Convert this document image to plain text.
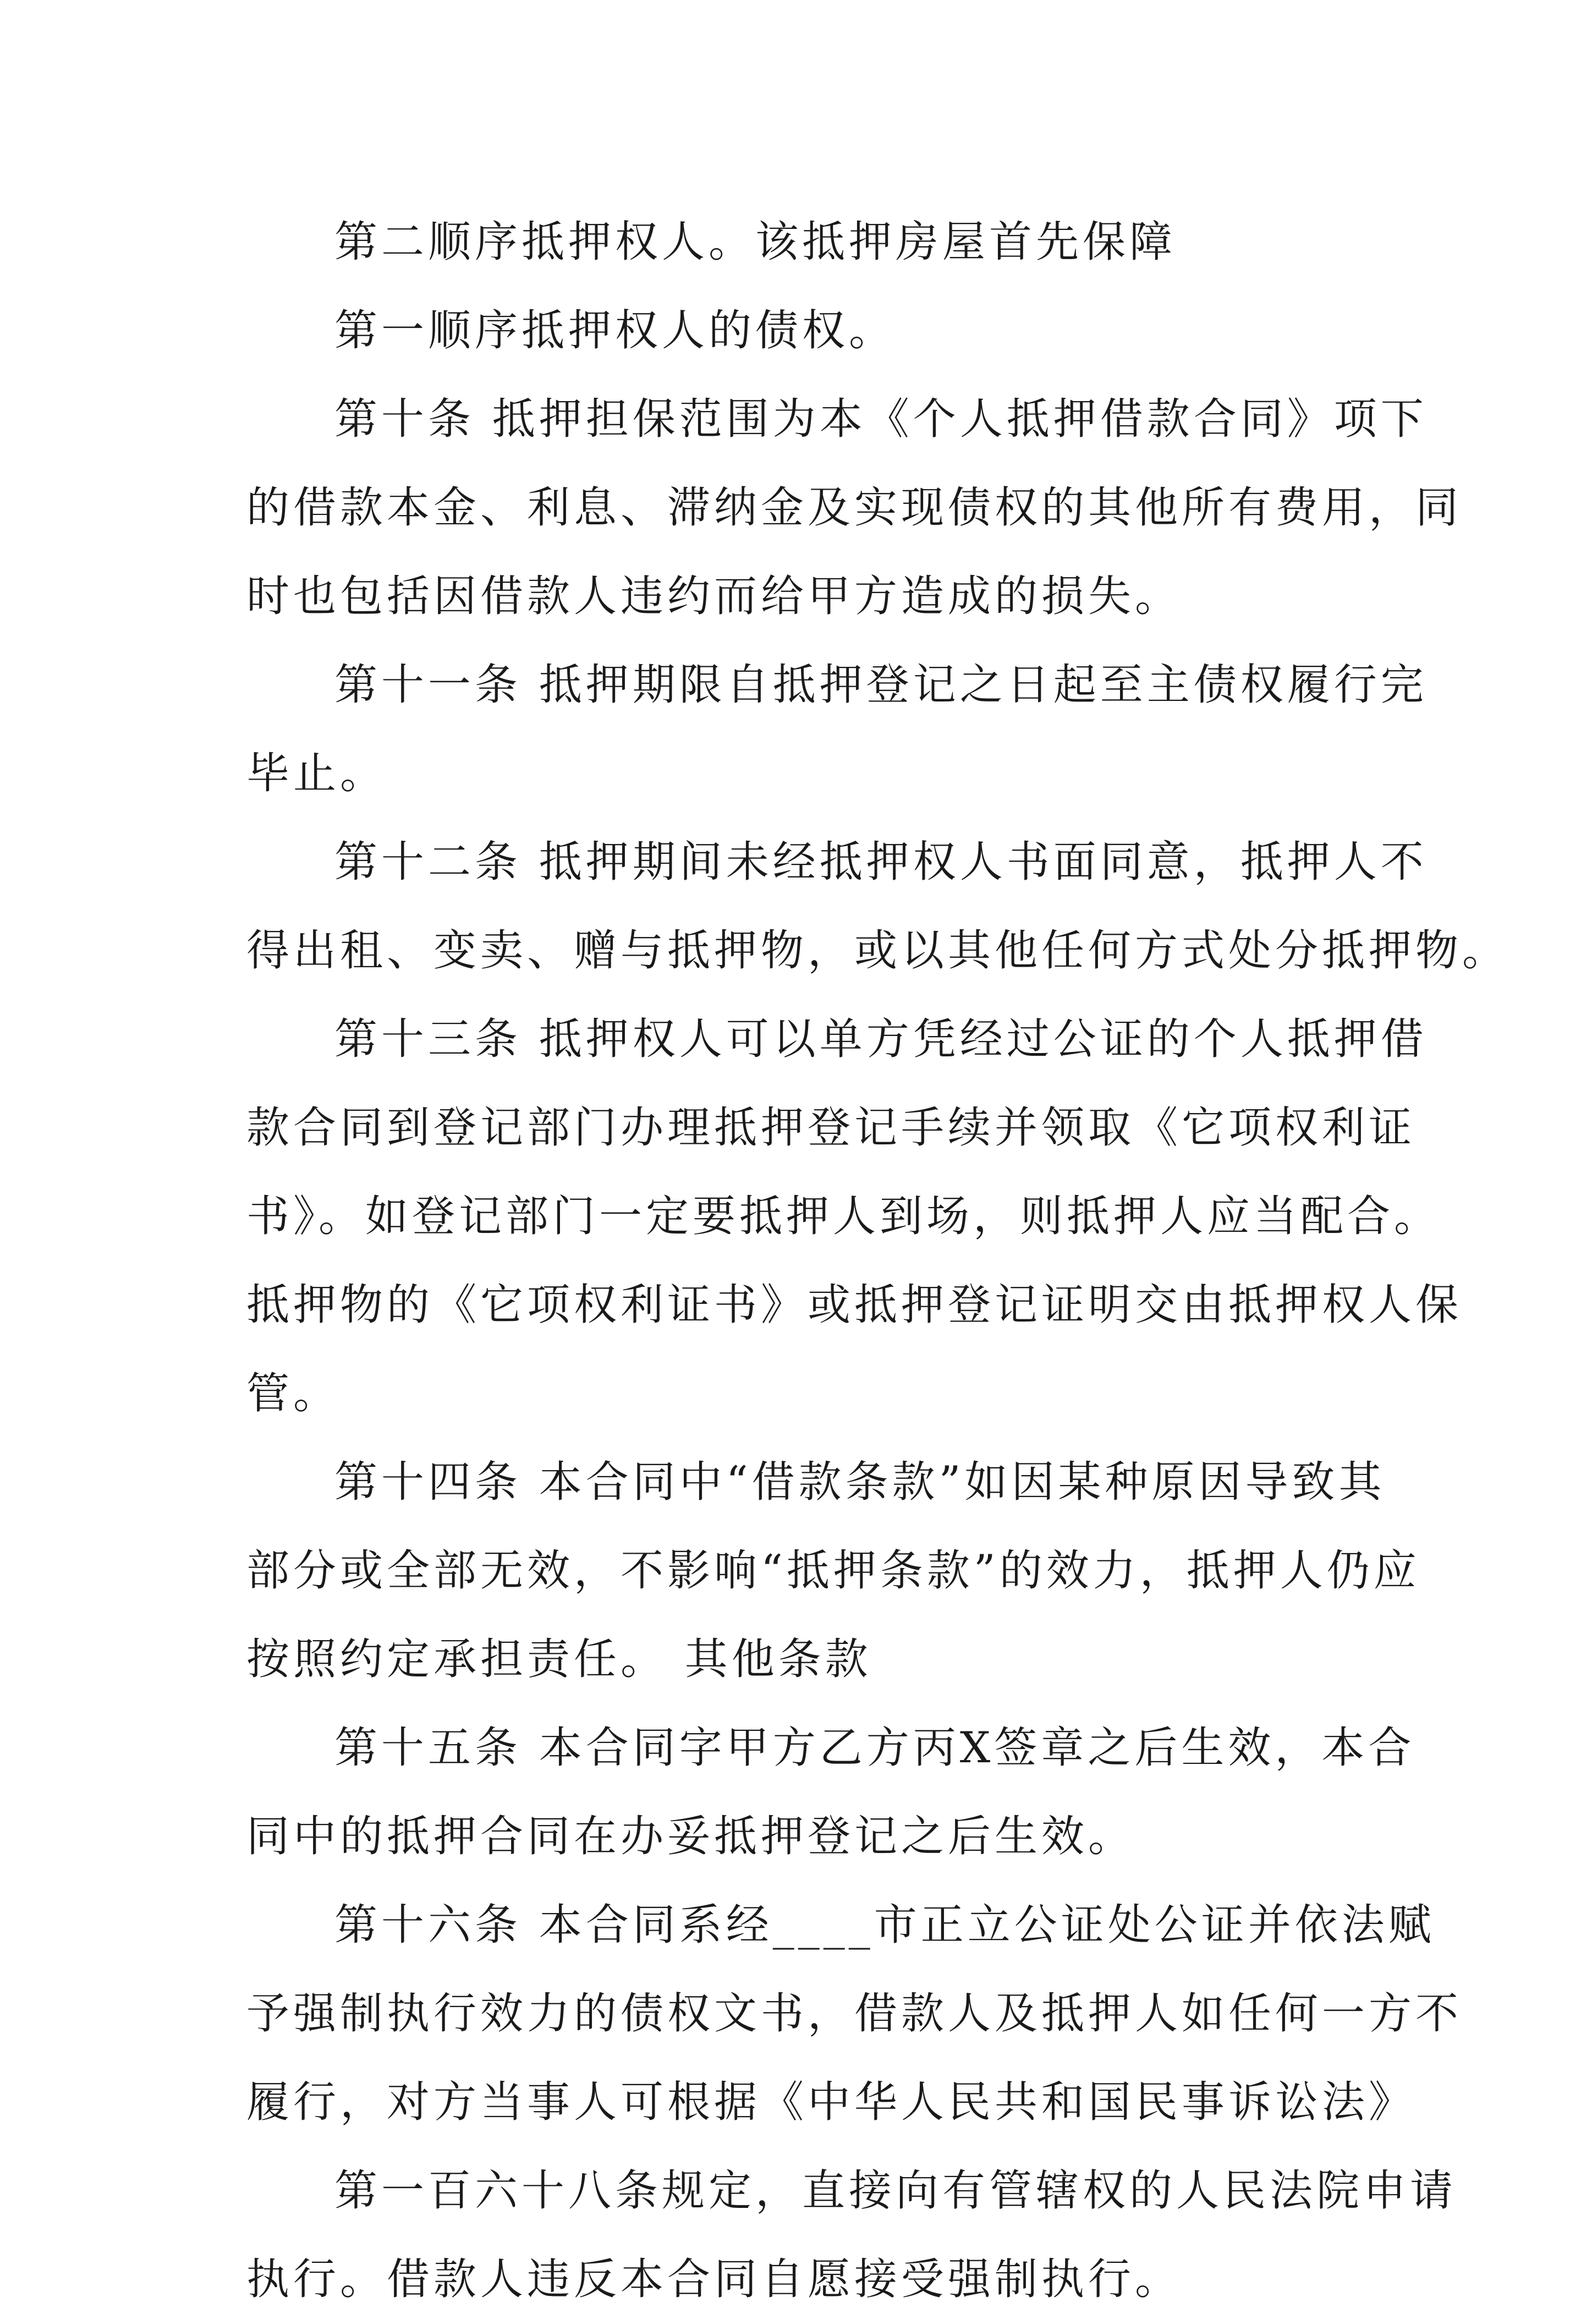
第二顺序抵押权人。该抵押房屋首先保障
第一顺序抵押权人的债权。
第十条 抵押担保范围为本《个人抵押借款合同》项下
的借款本金、利息、滞纳金及实现债权的其他所有费用，同
时也包括因借款人违约而给甲方造成的损失。
第十一条 抵押期限自抵押登记之日起至主债权履行完
毕止。
第十二条 抵押期间未经抵押权人书面同意，抵押人不
得出租、变卖、赠与抵押物，或以其他任何方式处分抵押物。
第十三条 抵押权人可以单方凭经过公证的个人抵押借
款合同到登记部门办理抵押登记手续并领取《它项权利证
书》。如登记部门一定要抵押人到场，则抵押人应当配合。
抵押物的《它项权利证书》或抵押登记证明交由抵押权人保
管。
第十四条 本合同中“借款条款”如因某种原因导致其
部分或全部无效，不影响“抵押条款”的效力，抵押人仍应
按照约定承担责任。 其他条款
第十五条 本合同字甲方乙方丙X签章之后生效，本合
同中的抵押合同在办妥抵押登记之后生效。
第十六条 本合同系经____市正立公证处公证并依法赋
予强制执行效力的债权文书，借款人及抵押人如任何一方不
履行，对方当事人可根据《中华人民共和国民事诉讼法》
第一百六十八条规定，直接向有管辖权的人民法院申请
执行。借款人违反本合同自愿接受强制执行。
